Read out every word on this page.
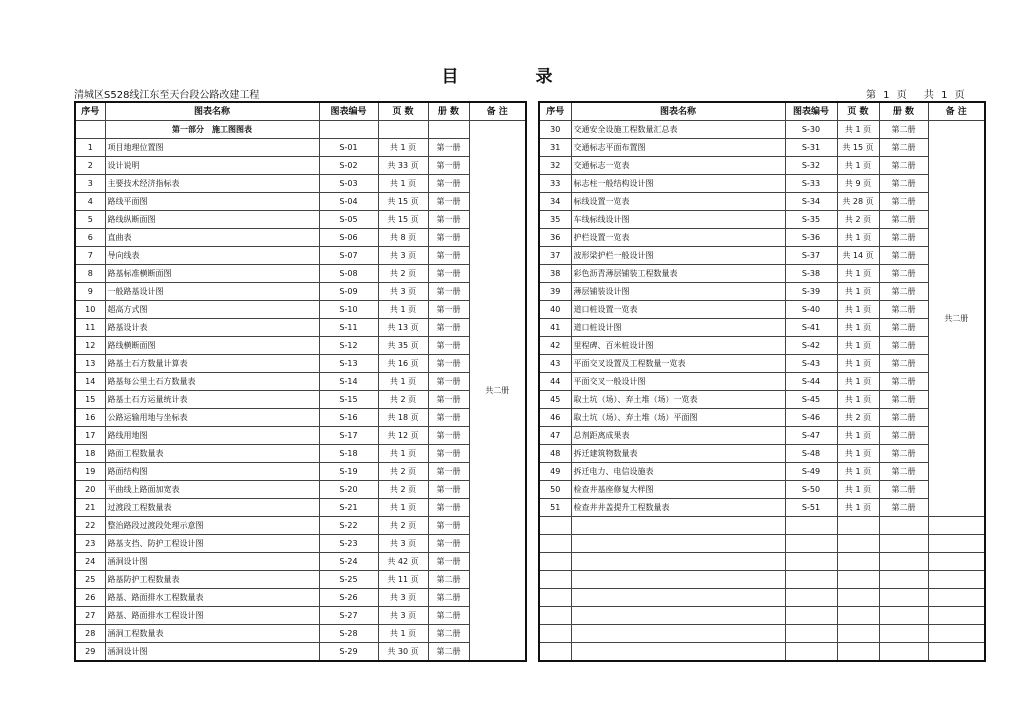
目　录
清城区S528线江东至天台段公路改建工程	第 1 页　 共 1 页
序号	图表名称	图表编号	页 数	册 数	备 注
	第一部分　施工图图表				共二册
1	项目地理位置图	S-01	共 1 页	第一册	
2	设计说明	S-02	共 33 页	第一册	
3	主要技术经济指标表	S-03	共 1 页	第一册	
4	路线平面图	S-04	共 15 页	第一册	
5	路线纵断面图	S-05	共 15 页	第一册	
6	直曲表	S-06	共 8 页	第一册	
7	导向线表	S-07	共 3 页	第一册	
8	路基标准横断面图	S-08	共 2 页	第一册	
9	一般路基设计图	S-09	共 3 页	第一册	
10	超高方式图	S-10	共 1 页	第一册	
11	路基设计表	S-11	共 13 页	第一册	
12	路线横断面图	S-12	共 35 页	第一册	
13	路基土石方数量计算表	S-13	共 16 页	第一册	
14	路基每公里土石方数量表	S-14	共 1 页	第一册	
15	路基土石方运量统计表	S-15	共 2 页	第一册	
16	公路运输用地与坐标表	S-16	共 18 页	第一册	
17	路线用地图	S-17	共 12 页	第一册	
18	路面工程数量表	S-18	共 1 页	第一册	
19	路面结构图	S-19	共 2 页	第一册	
20	平曲线上路面加宽表	S-20	共 2 页	第一册	
21	过渡段工程数量表	S-21	共 1 页	第一册	
22	整治路段过渡段处理示意图	S-22	共 2 页	第一册	
23	路基支挡、防护工程设计图	S-23	共 3 页	第一册	
24	涵洞设计图	S-24	共 42 页	第一册	
25	路基防护工程数量表	S-25	共 11 页	第二册	
26	路基、路面排水工程数量表	S-26	共 3 页	第二册	
27	路基、路面排水工程设计图	S-27	共 3 页	第二册	
28	涵洞工程数量表	S-28	共 1 页	第二册	
29	涵洞设计图	S-29	共 30 页	第二册	
序号	图表名称	图表编号	页 数	册 数	备 注
30	交通安全设施工程数量汇总表	S-30	共 1 页	第二册	共二册
31	交通标志平面布置图	S-31	共 15 页	第二册	
32	交通标志一览表	S-32	共 1 页	第二册	
33	标志柱一般结构设计图	S-33	共 9 页	第二册	
34	标线设置一览表	S-34	共 28 页	第二册	
35	车线标线设计图	S-35	共 2 页	第二册	
36	护栏设置一览表	S-36	共 1 页	第二册	
37	波形梁护栏一般设计图	S-37	共 14 页	第二册	
38	彩色沥青薄层铺装工程数量表	S-38	共 1 页	第二册	
39	薄层铺装设计图	S-39	共 1 页	第二册	
40	道口桩设置一览表	S-40	共 1 页	第二册	
41	道口桩设计图	S-41	共 1 页	第二册	
42	里程碑、百米桩设计图	S-42	共 1 页	第二册	
43	平面交叉设置及工程数量一览表	S-43	共 1 页	第二册	
44	平面交叉一般设计图	S-44	共 1 页	第二册	
45	取土坑（场）、弃土堆（场）一览表	S-45	共 1 页	第二册	
46	取土坑（场）、弃土堆（场）平面图	S-46	共 2 页	第二册	
47	总剂距离成果表	S-47	共 1 页	第二册	
48	拆迁建筑物数量表	S-48	共 1 页	第二册	
49	拆迁电力、电信设施表	S-49	共 1 页	第二册	
50	检查井基座修复大样图	S-50	共 1 页	第二册	
51	检查井井盖提升工程数量表	S-51	共 1 页	第二册	
